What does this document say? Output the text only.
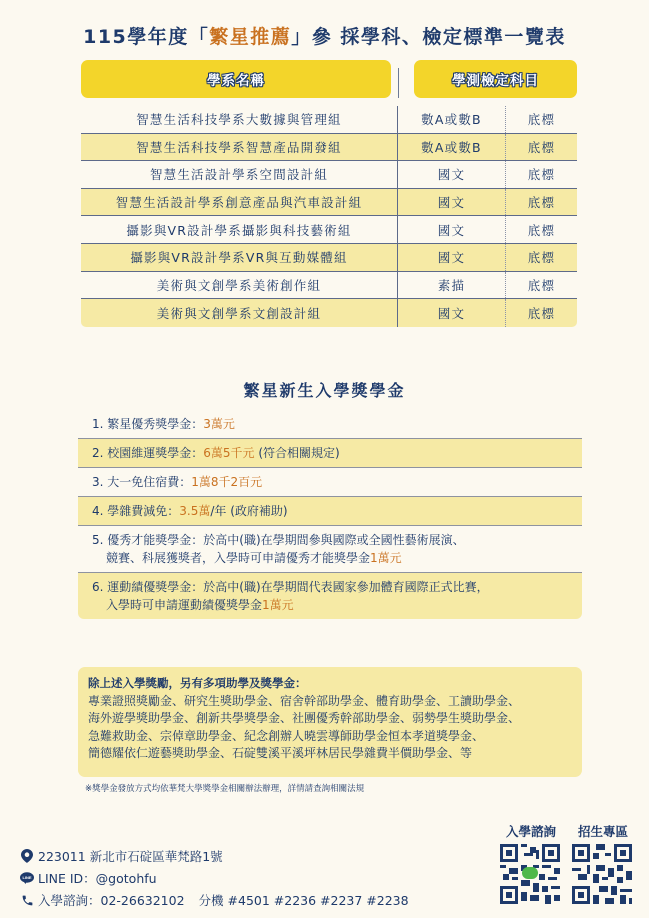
115學年度「繁星推薦」參 採學科、檢定標準一覽表
學系名稱	學測檢定科目
智慧生活科技學系大數據與管理組	數A或數B	底標
智慧生活科技學系智慧產品開發組	數A或數B	底標
智慧生活設計學系空間設計組	國文	底標
智慧生活設計學系創意產品與汽車設計組	國文	底標
攝影與VR設計學系攝影與科技藝術組	國文	底標
攝影與VR設計學系VR與互動媒體組	國文	底標
美術與文創學系美術創作組	素描	底標
美術與文創學系文創設計組	國文	底標
繁星新生入學獎學金
1. 繁星優秀獎學金：3萬元
2. 校園維運獎學金：6萬5千元 (符合相關規定)
3. 大一免住宿費：1萬8千2百元
4. 學雜費減免：3.5萬/年 (政府補助)
5. 優秀才能獎學金：於高中(職)在學期間參與國際或全國性藝術展演、
競賽、科展獲獎者，入學時可申請優秀才能獎學金1萬元
6. 運動績優獎學金：於高中(職)在學期間代表國家參加體育國際正式比賽，
入學時可申請運動績優獎學金1萬元
除上述入學獎勵，另有多項助學及獎學金：
專業證照獎勵金、研究生獎助學金、宿舍幹部助學金、體育助學金、工讀助學金、
海外遊學獎助學金、創新共學獎學金、社團優秀幹部助學金、弱勢學生獎助學金、
急難救助金、宗倬章助學金、紀念創辦人曉雲導師助學金恒本孝道獎學金、
簡德耀依仁遊藝獎助學金、石碇雙溪平溪坪林居民學雜費半價助學金、等
※獎學金發放方式均依華梵大學獎學金相關辦法辦理，詳情請查詢相關法規
223011 新北市石碇區華梵路1號
LINE LINE ID：@gotohfu
入學諮詢：02-26632102 分機 #4501 #2236 #2237 #2238
入學諮詢	招生專區
